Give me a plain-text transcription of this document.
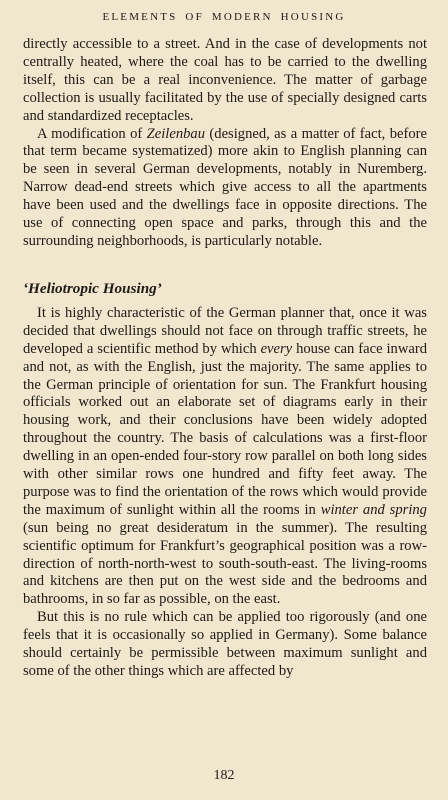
ELEMENTS OF MODERN HOUSING

directly accessible to a street. And in the case of developments not centrally heated, where the coal has to be carried to the dwelling itself, this can be a real inconvenience. The matter of garbage collection is usually facilitated by the use of specially designed carts and standardized receptacles.

A modification of Zeilenbau (designed, as a matter of fact, before that term became systematized) more akin to English planning can be seen in several German developments, notably in Nuremberg. Narrow dead-end streets which give access to all the apartments have been used and the dwellings face in opposite directions. The use of connecting open space and parks, through this and the surrounding neighborhoods, is particularly notable.

‘Heliotropic Housing’

It is highly characteristic of the German planner that, once it was decided that dwellings should not face on through traffic streets, he developed a scientific method by which every house can face inward and not, as with the English, just the majority. The same applies to the German principle of orientation for sun. The Frankfurt housing officials worked out an elaborate set of diagrams early in their housing work, and their conclusions have been widely adopted throughout the country. The basis of calculations was a first-floor dwelling in an open-ended four-story row parallel on both long sides with other similar rows one hundred and fifty feet away. The purpose was to find the orientation of the rows which would provide the maximum of sunlight within all the rooms in winter and spring (sun being no great desideratum in the summer). The resulting scientific optimum for Frankfurt’s geographical position was a row-direction of north-north-west to south-south-east. The living-rooms and kitchens are then put on the west side and the bedrooms and bathrooms, in so far as possible, on the east.

But this is no rule which can be applied too rigorously (and one feels that it is occasionally so applied in Germany). Some balance should certainly be permissible between maximum sunlight and some of the other things which are affected by

182
